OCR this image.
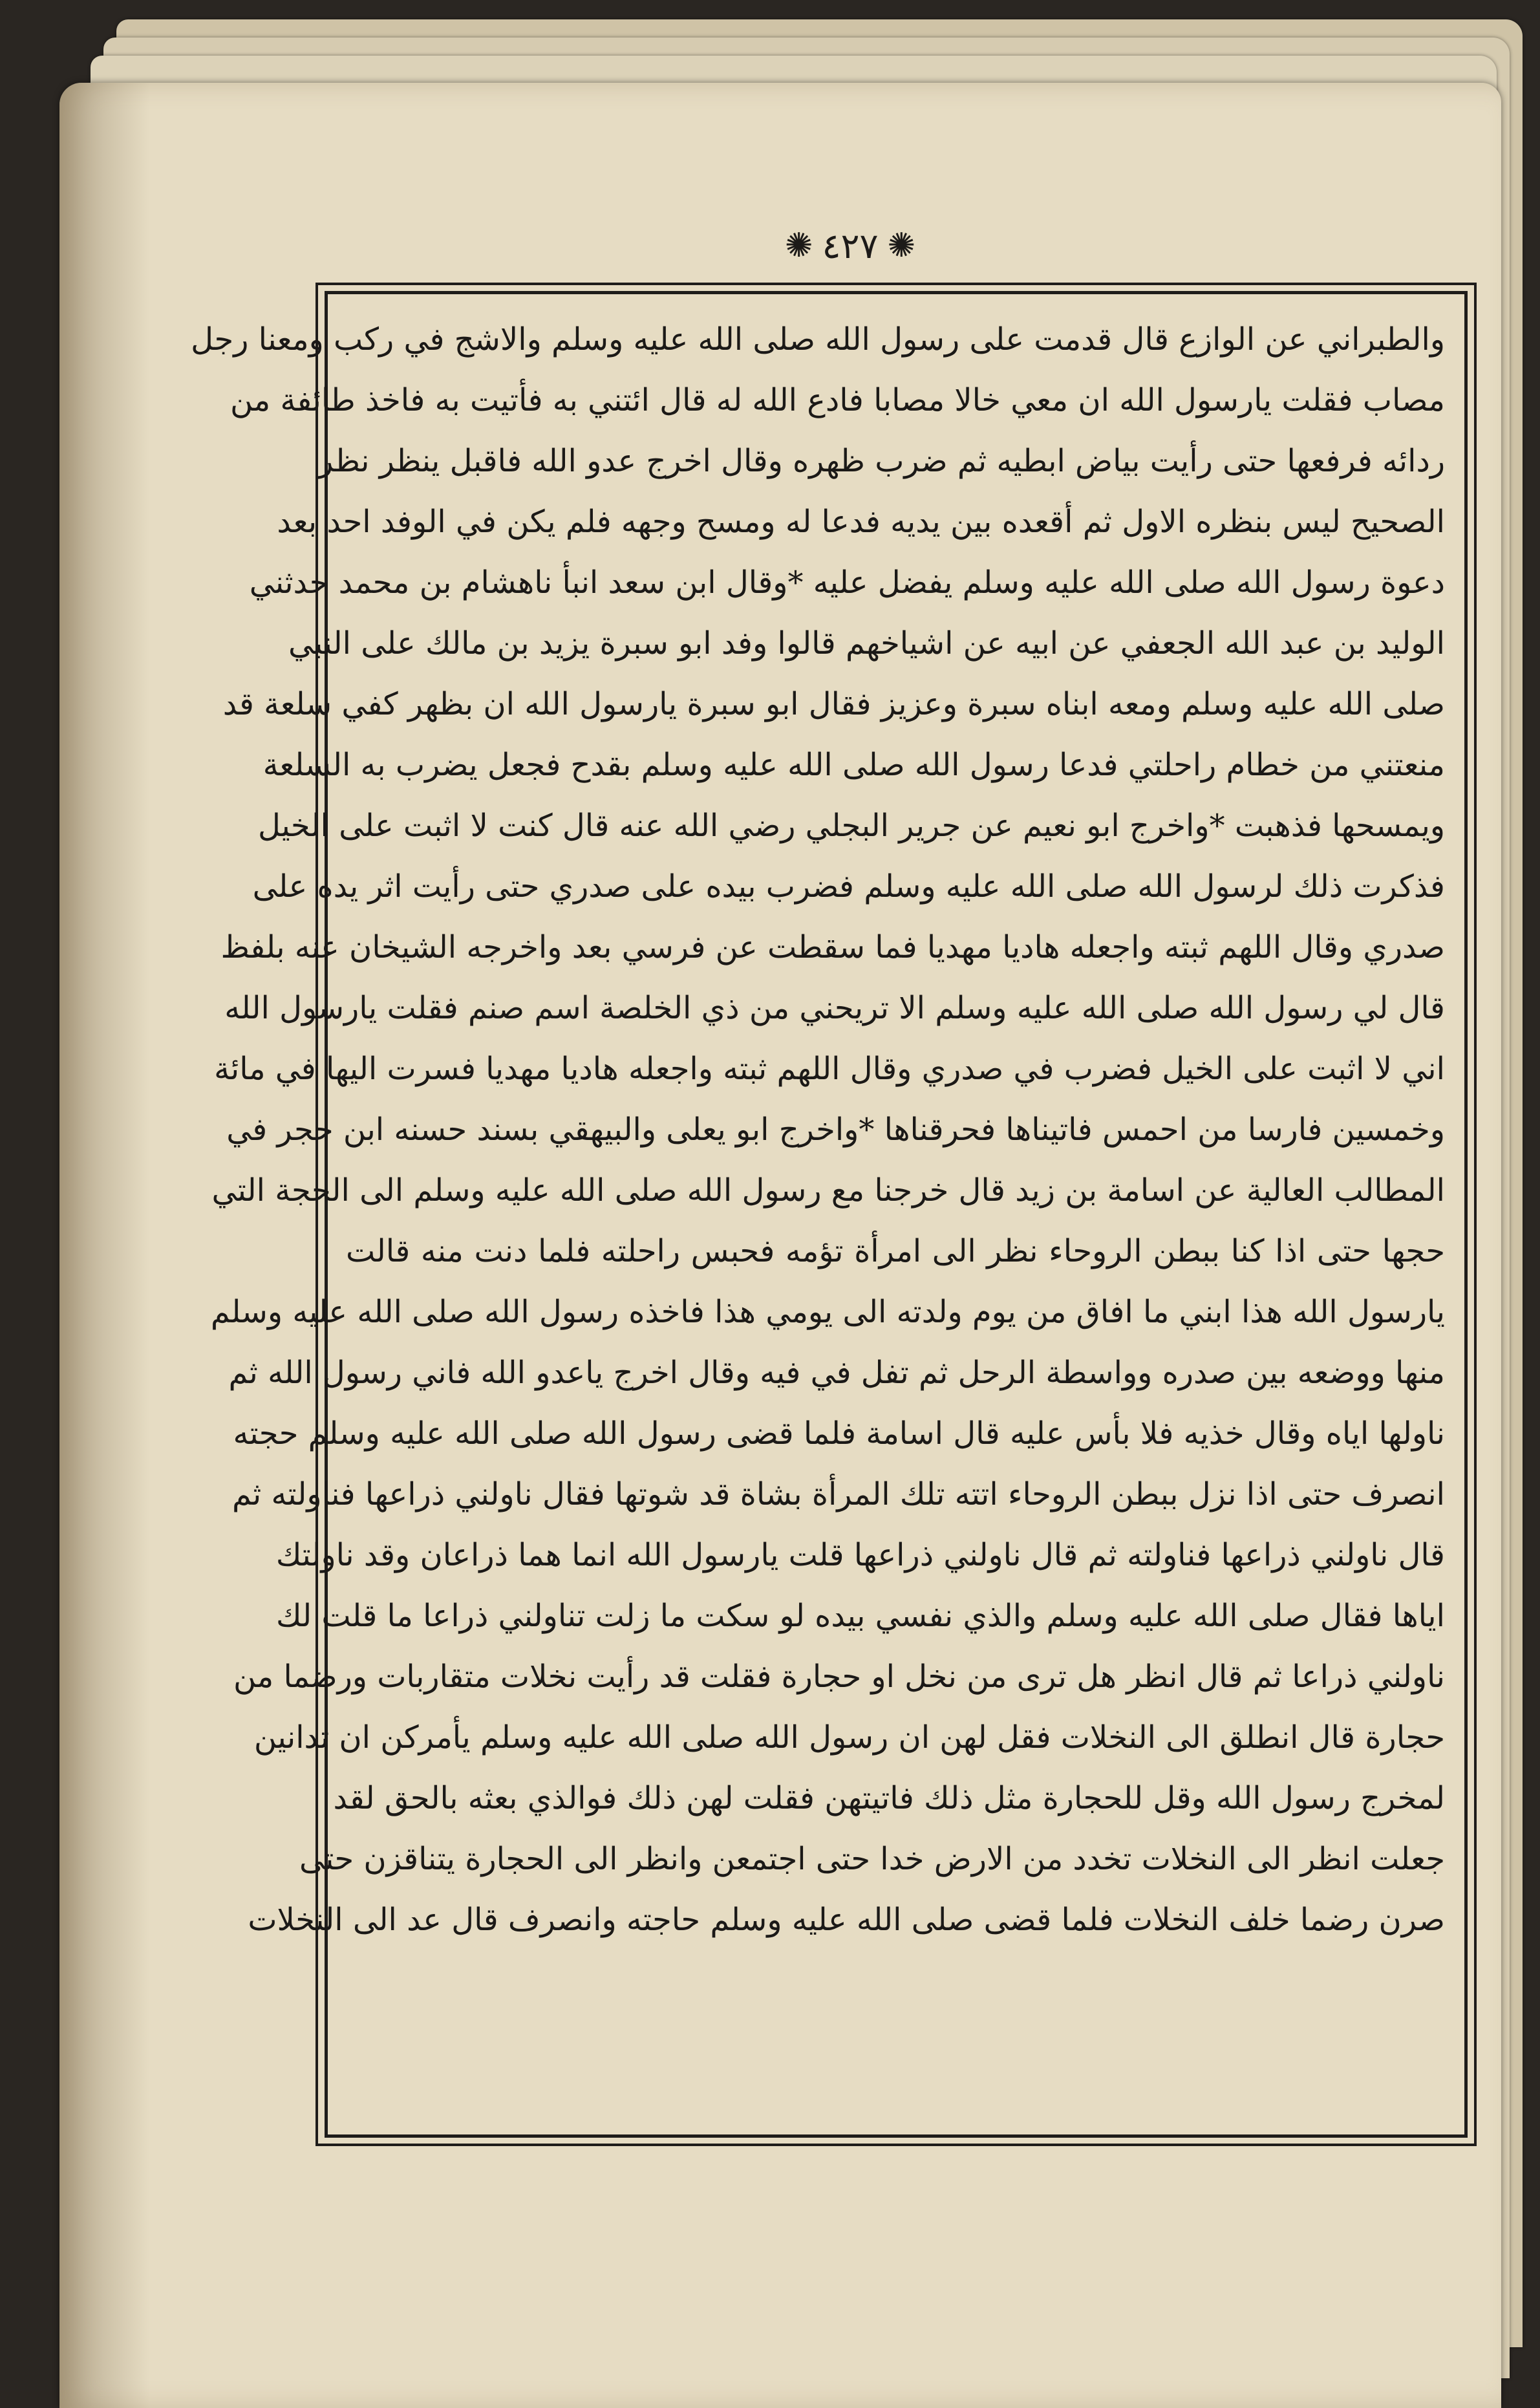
✺ ٤٢٧ ✺
والطبراني عن الوازع قال قدمت على رسول الله صلى الله عليه وسلم والاشج في ركب ومعنا رجل
مصاب فقلت يارسول الله ان معي خالا مصابا فادع الله له قال ائتني به فأتيت به فاخذ طائفة من
ردائه فرفعها حتى رأيت بياض ابطيه ثم ضرب ظهره وقال اخرج عدو الله فاقبل ينظر نظر
الصحيح ليس بنظره الاول ثم أقعده بين يديه فدعا له ومسح وجهه فلم يكن في الوفد احد بعد
دعوة رسول الله صلى الله عليه وسلم يفضل عليه *وقال ابن سعد انبأ ناهشام بن محمد حدثني
الوليد بن عبد الله الجعفي عن ابيه عن اشياخهم قالوا وفد ابو سبرة يزيد بن مالك على النبي
صلى الله عليه وسلم ومعه ابناه سبرة وعزيز فقال ابو سبرة يارسول الله ان بظهر كفي سلعة قد
منعتني من خطام راحلتي فدعا رسول الله صلى الله عليه وسلم بقدح فجعل يضرب به السلعة
ويمسحها فذهبت *واخرج ابو نعيم عن جرير البجلي رضي الله عنه قال كنت لا اثبت على الخيل
فذكرت ذلك لرسول الله صلى الله عليه وسلم فضرب بيده على صدري حتى رأيت اثر يده على
صدري وقال اللهم ثبته واجعله هاديا مهديا فما سقطت عن فرسي بعد واخرجه الشيخان عنه بلفظ
قال لي رسول الله صلى الله عليه وسلم الا تريحني من ذي الخلصة اسم صنم فقلت يارسول الله
اني لا اثبت على الخيل فضرب في صدري وقال اللهم ثبته واجعله هاديا مهديا فسرت اليها في مائة
وخمسين فارسا من احمس فاتيناها فحرقناها *واخرج ابو يعلى والبيهقي بسند حسنه ابن حجر في
المطالب العالية عن اسامة بن زيد قال خرجنا مع رسول الله صلى الله عليه وسلم الى الحجة التي
حجها حتى اذا كنا ببطن الروحاء نظر الى امرأة تؤمه فحبس راحلته فلما دنت منه قالت
يارسول الله هذا ابني ما افاق من يوم ولدته الى يومي هذا فاخذه رسول الله صلى الله عليه وسلم
منها ووضعه بين صدره وواسطة الرحل ثم تفل في فيه وقال اخرج ياعدو الله فاني رسول الله ثم
ناولها اياه وقال خذيه فلا بأس عليه قال اسامة فلما قضى رسول الله صلى الله عليه وسلم حجته
انصرف حتى اذا نزل ببطن الروحاء اتته تلك المرأة بشاة قد شوتها فقال ناولني ذراعها فناولته ثم
قال ناولني ذراعها فناولته ثم قال ناولني ذراعها قلت يارسول الله انما هما ذراعان وقد ناولتك
اياها فقال صلى الله عليه وسلم والذي نفسي بيده لو سكت ما زلت تناولني ذراعا ما قلت لك
ناولني ذراعا ثم قال انظر هل ترى من نخل او حجارة فقلت قد رأيت نخلات متقاربات ورضما من
حجارة قال انطلق الى النخلات فقل لهن ان رسول الله صلى الله عليه وسلم يأمركن ان تدانين
لمخرج رسول الله وقل للحجارة مثل ذلك فاتيتهن فقلت لهن ذلك فوالذي بعثه بالحق لقد
جعلت انظر الى النخلات تخدد من الارض خدا حتى اجتمعن وانظر الى الحجارة يتناقزن حتى
صرن رضما خلف النخلات فلما قضى صلى الله عليه وسلم حاجته وانصرف قال عد الى النخلات
